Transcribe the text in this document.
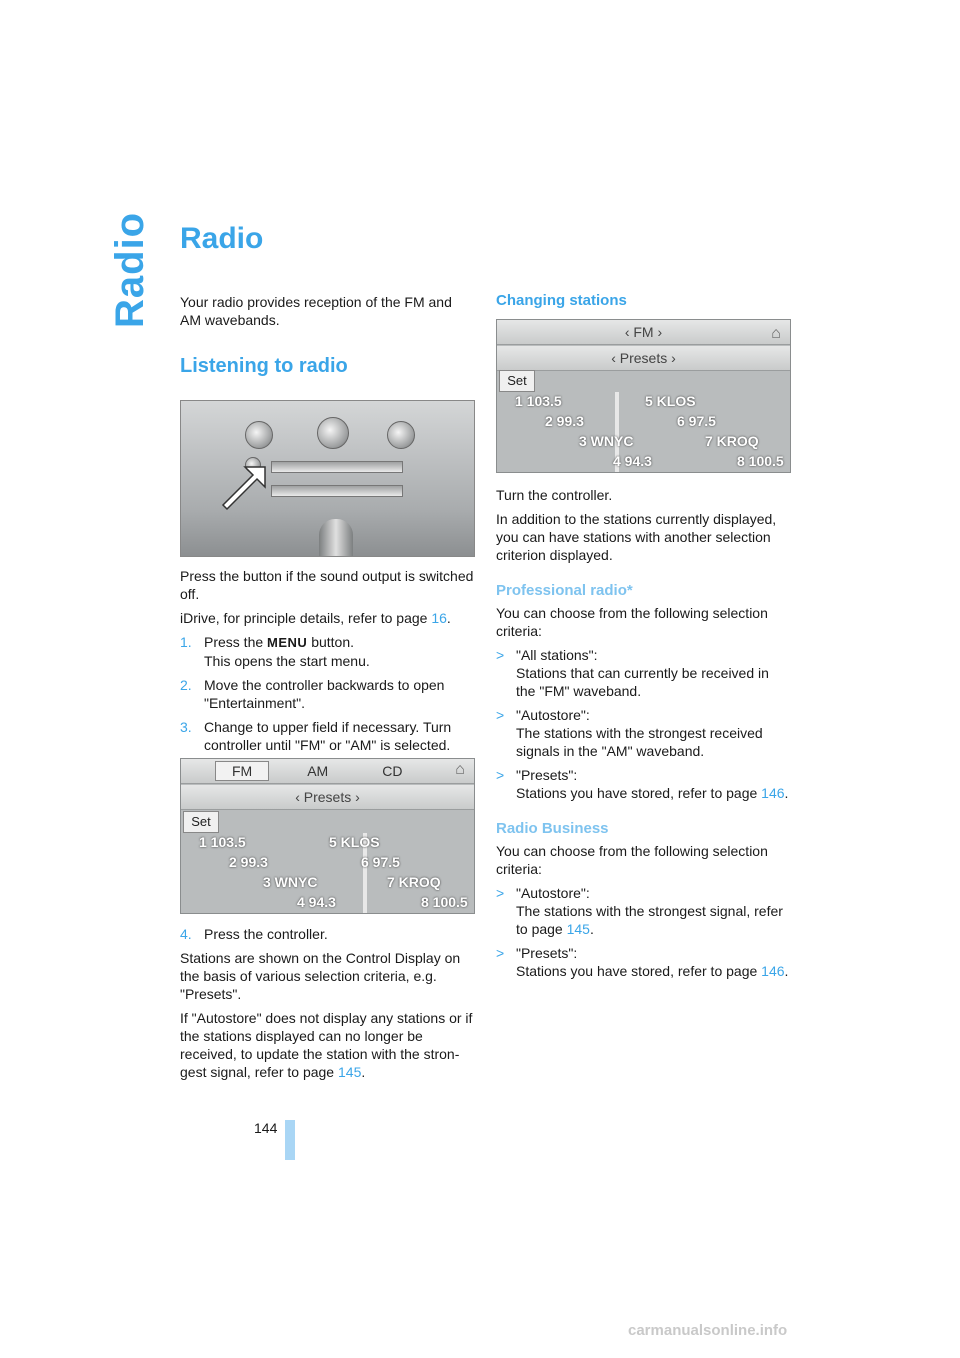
Radio Radio

Your radio provides reception of the FM and AM wavebands.

Listening to radio

Press the button if the sound output is switched off.

iDrive, for principle details, refer to page 16.

1. Press the MENU button.
This opens the start menu.
2. Move the controller backwards to open "Entertainment".
3. Change to upper field if necessary. Turn controller until "FM" or "AM" is selected.
FM	AM	CD	⌂
‹ Presets ›
Set
1 103.5	5 KLOS
2 99.3	6 97.5
3 WNYC	7 KROQ
4 94.3	8 100.5
4. Press the controller.

Stations are shown on the Control Display on the basis of various selection criteria, e.g. "Presets".

If "Autostore" does not display any stations or if the stations displayed can no longer be received, to update the station with the stron-gest signal, refer to page 145.

Changing stations
‹ FM ›	⌂
‹ Presets ›
Set
1 103.5	5 KLOS
2 99.3	6 97.5
3 WNYC	7 KROQ
4 94.3	8 100.5

Turn the controller.

In addition to the stations currently displayed, you can have stations with another selection criterion displayed.

Professional radio*

You can choose from the following selection criteria:

> "All stations":
Stations that can currently be received in the "FM" waveband.
> "Autostore":
The stations with the strongest received signals in the "AM" waveband.
> "Presets":
Stations you have stored, refer to page 146.
Radio Business

You can choose from the following selection criteria:

> "Autostore":
The stations with the strongest signal, refer to page 145.
> "Presets":
Stations you have stored, refer to page 146.
144
carmanualsonline.info
